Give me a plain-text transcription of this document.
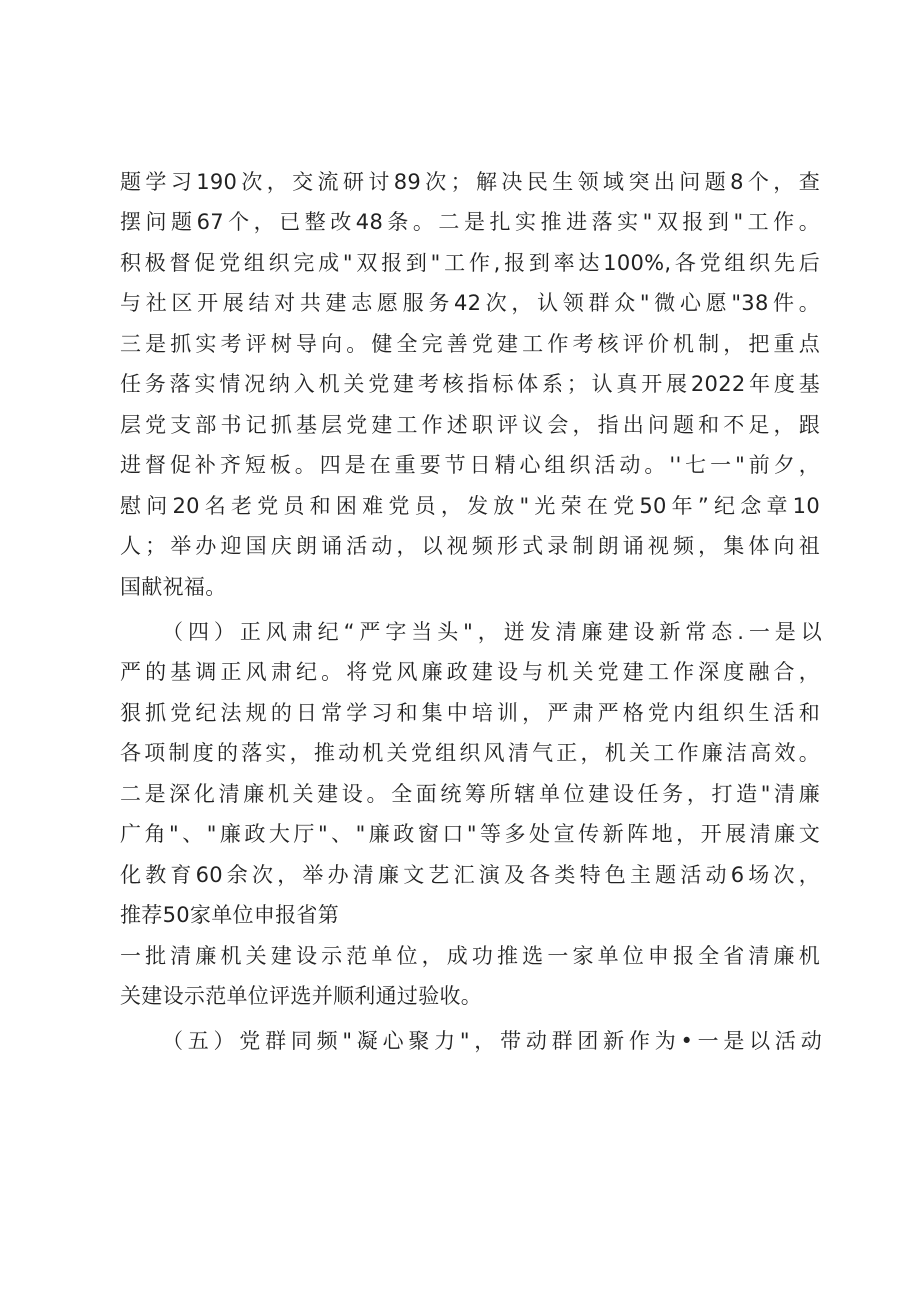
题学习190次，交流研讨89次；解决民生领域突出问题8个，查
摆问题67个，已整改48条。二是扎实推进落实"双报到"工作。
积极督促党组织完成"双报到"工作,报到率达100%,各党组织先后
与社区开展结对共建志愿服务42次，认领群众"微心愿"38件。
三是抓实考评树导向。健全完善党建工作考核评价机制，把重点
任务落实情况纳入机关党建考核指标体系；认真开展2022年度基
层党支部书记抓基层党建工作述职评议会，指出问题和不足，跟
进督促补齐短板。四是在重要节日精心组织活动。''七一"前夕，
慰问20名老党员和困难党员，发放"光荣在党50年”纪念章10
人；举办迎国庆朗诵活动，以视频形式录制朗诵视频，集体向祖
国献祝福。
（四）正风肃纪“严字当头"，迸发清廉建设新常态.一是以
严的基调正风肃纪。将党风廉政建设与机关党建工作深度融合，
狠抓党纪法规的日常学习和集中培训，严肃严格党内组织生活和
各项制度的落实，推动机关党组织风清气正，机关工作廉洁高效。
二是深化清廉机关建设。全面统筹所辖单位建设任务，打造"清廉
广角"、"廉政大厅"、"廉政窗口"等多处宣传新阵地，开展清廉文
化教育60余次，举办清廉文艺汇演及各类特色主题活动6场次，
推荐50家单位申报省第
一批清廉机关建设示范单位，成功推选一家单位申报全省清廉机
关建设示范单位评选并顺利通过验收。
（五）党群同频"凝心聚力"，带动群团新作为•一是以活动
